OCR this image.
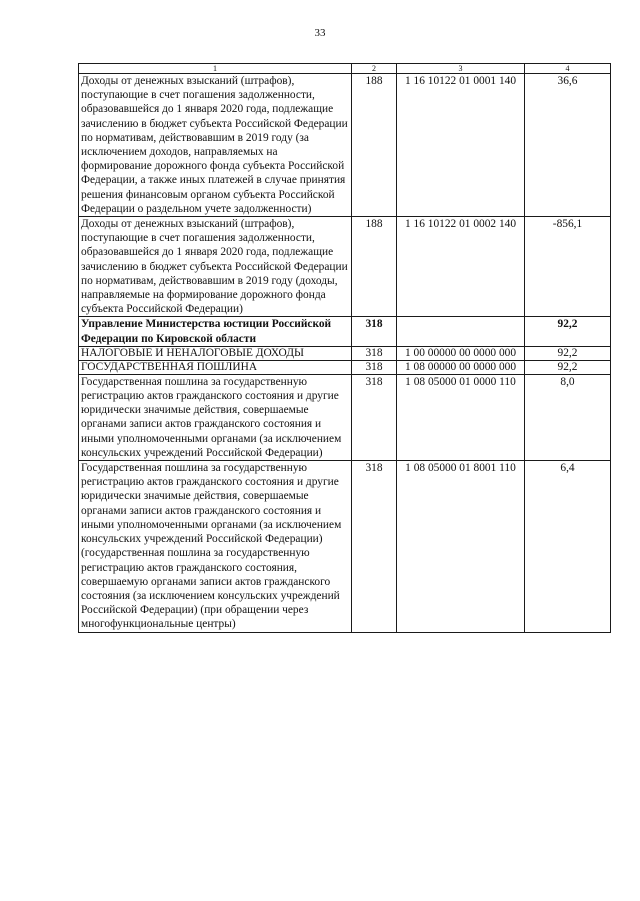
33
1	2	3	4
Доходы от денежных взысканий (штрафов), поступающие в счет погашения задолженности, образовавшейся до 1 января 2020 года, подлежащие зачислению в бюджет субъекта Российской Федерации по нормативам, действовавшим в 2019 году (за исключением доходов, направляемых на формирование дорожного фонда субъекта Российской Федерации, а также иных платежей в случае принятия решения финансовым органом субъекта Российской Федерации о раздельном учете задолженности)	188	1 16 10122 01 0001 140	36,6
Доходы от денежных взысканий (штрафов), поступающие в счет погашения задолженности, образовавшейся до 1 января 2020 года, подлежащие зачислению в бюджет субъекта Российской Федерации по нормативам, действовавшим в 2019 году (доходы, направляемые на формирование дорожного фонда субъекта Российской Федерации)	188	1 16 10122 01 0002 140	-856,1
Управление Министерства юстиции Российской Федерации по Кировской области	318		92,2
НАЛОГОВЫЕ И НЕНАЛОГОВЫЕ ДОХОДЫ	318	1 00 00000 00 0000 000	92,2
ГОСУДАРСТВЕННАЯ ПОШЛИНА	318	1 08 00000 00 0000 000	92,2
Государственная пошлина за государственную регистрацию актов гражданского состояния и другие юридически значимые действия, совершаемые органами записи актов гражданского состояния и иными уполномоченными органами (за исключением консульских учреждений Российской Федерации)	318	1 08 05000 01 0000 110	8,0
Государственная пошлина за государственную регистрацию актов гражданского состояния и другие юридически значимые действия, совершаемые органами записи актов гражданского состояния и иными уполномоченными органами (за исключением консульских учреждений Российской Федерации) (государственная пошлина за государственную регистрацию актов гражданского состояния, совершаемую органами записи актов гражданского состояния (за исключением консульских учреждений Российской Федерации) (при обращении через многофункциональные центры)	318	1 08 05000 01 8001 110	6,4
